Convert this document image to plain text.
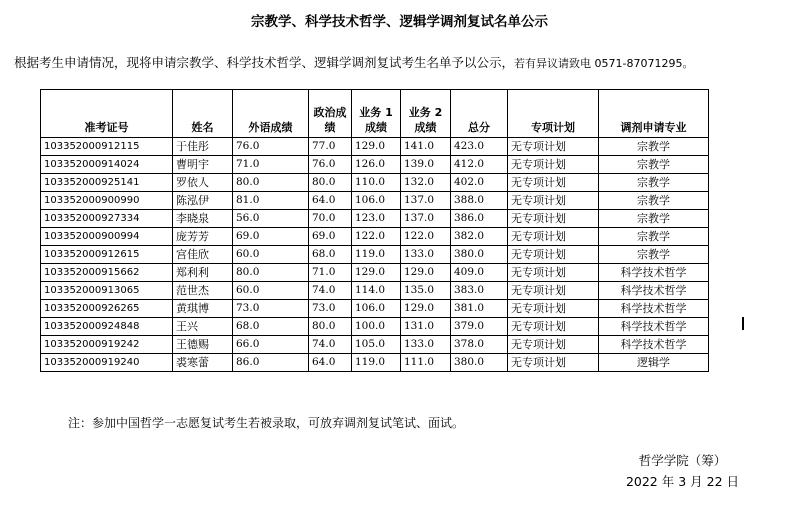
宗教学、科学技术哲学、逻辑学调剂复试名单公示
根据考生申请情况，现将申请宗教学、科学技术哲学、逻辑学调剂复试考生名单予以公示，若有异议请致电 0571-87071295。
准考证号	姓名	外语成绩	政治成绩	业务 1 成绩	业务 2 成绩	总分	专项计划	调剂申请专业
103352000912115	于佳彤	76.0	77.0	129.0	141.0	423.0	无专项计划	宗教学
103352000914024	曹明宇	71.0	76.0	126.0	139.0	412.0	无专项计划	宗教学
103352000925141	罗依人	80.0	80.0	110.0	132.0	402.0	无专项计划	宗教学
103352000900990	陈泓伊	81.0	64.0	106.0	137.0	388.0	无专项计划	宗教学
103352000927334	李晓泉	56.0	70.0	123.0	137.0	386.0	无专项计划	宗教学
103352000900994	庞芳芳	69.0	69.0	122.0	122.0	382.0	无专项计划	宗教学
103352000912615	宫佳欣	60.0	68.0	119.0	133.0	380.0	无专项计划	宗教学
103352000915662	郑利利	80.0	71.0	129.0	129.0	409.0	无专项计划	科学技术哲学
103352000913065	范世杰	60.0	74.0	114.0	135.0	383.0	无专项计划	科学技术哲学
103352000926265	黄琪博	73.0	73.0	106.0	129.0	381.0	无专项计划	科学技术哲学
103352000924848	王兴	68.0	80.0	100.0	131.0	379.0	无专项计划	科学技术哲学
103352000919242	王德赐	66.0	74.0	105.0	133.0	378.0	无专项计划	科学技术哲学
103352000919240	裘寒蕾	86.0	64.0	119.0	111.0	380.0	无专项计划	逻辑学
注：参加中国哲学一志愿复试考生若被录取，可放弃调剂复试笔试、面试。
哲学学院（筹）
2022 年 3 月 22 日
